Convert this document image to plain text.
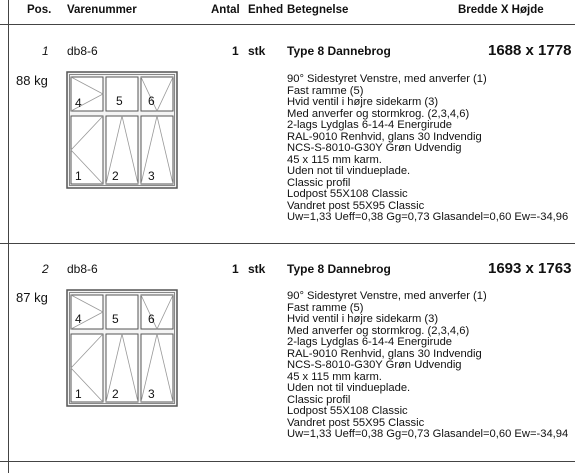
Pos. Varenummer	Antal Enhed Betegnelse	Bredde X Højde
1 db8-6	1 stk Type 8 Dannebrog	1688 x 1778
88 kg
4	5 6
1	2 3
90° Sidestyret Venstre, med anverfer (1)
Fast ramme (5)
Hvid ventil i højre sidekarm (3)
Med anverfer og stormkrog. (2,3,4,6)
2-lags Lydglas 6-14-4 Energirude
RAL-9010 Renhvid, glans 30 Indvendig
NCS-S-8010-G30Y Grøn Udvendig
45 x 115 mm karm.
Uden not til vindueplade.
Classic profil
Lodpost 55X108 Classic
Vandret post 55X95 Classic
Uw=1,33 Ueff=0,38 Gg=0,73 Glasandel=0,60 Ew=-34,96
2 db8-6	1 stk Type 8 Dannebrog	1693 x 1763
87 kg
4	5 6
1	2 3
90° Sidestyret Venstre, med anverfer (1)
Fast ramme (5)
Hvid ventil i højre sidekarm (3)
Med anverfer og stormkrog. (2,3,4,6)
2-lags Lydglas 6-14-4 Energirude
RAL-9010 Renhvid, glans 30 Indvendig
NCS-S-8010-G30Y Grøn Udvendig
45 x 115 mm karm.
Uden not til vindueplade.
Classic profil
Lodpost 55X108 Classic
Vandret post 55X95 Classic
Uw=1,33 Ueff=0,38 Gg=0,73 Glasandel=0,60 Ew=-34,94
